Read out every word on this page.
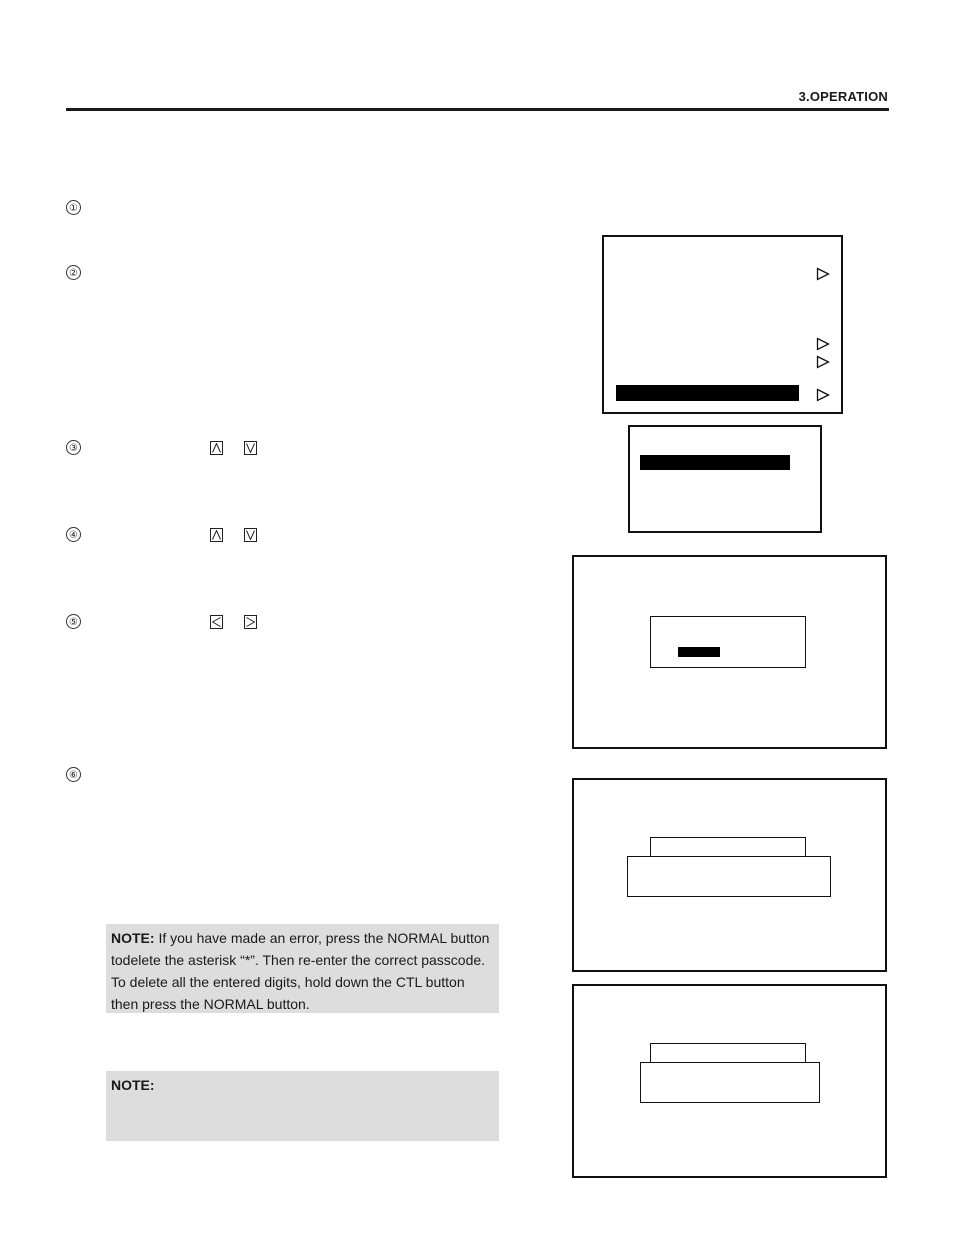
3.OPERATION
①
②
③
④
⑤
⑥
NOTE: If you have made an error, press the NORMAL button
todelete the asterisk “*”. Then re-enter the correct passcode.
To delete all the entered digits, hold down the CTL button
then press the NORMAL button.
NOTE:
